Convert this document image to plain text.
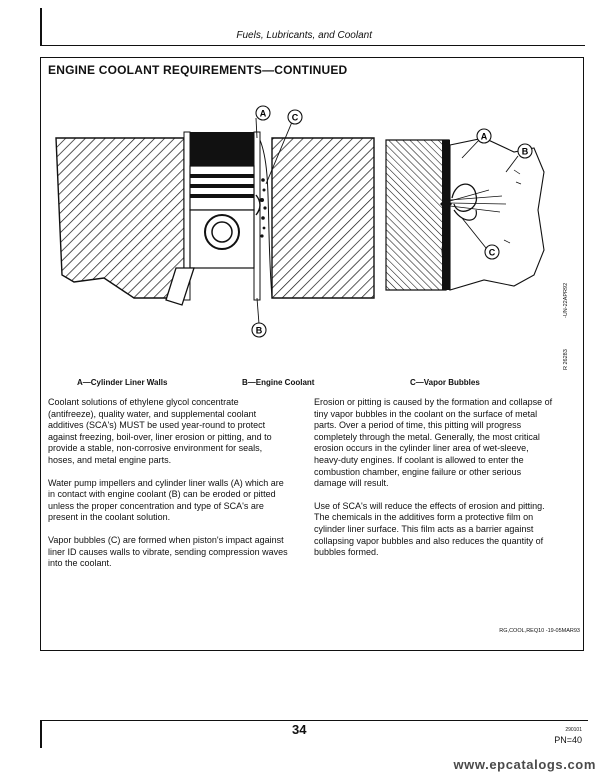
Fuels, Lubricants, and Coolant
ENGINE COOLANT REQUIREMENTS—CONTINUED
A	C
B
A
B
C
-UN-22APR92
R 26283
A—Cylinder Liner Walls	B—Engine Coolant	C—Vapor Bubbles

Coolant solutions of ethylene glycol concentrate (antifreeze), quality water, and supplemental coolant additives (SCA's) MUST be used year-round to protect against freezing, boil-over, liner erosion or pitting, and to provide a stable, non-corrosive environment for seals, hoses, and metal engine parts.

Water pump impellers and cylinder liner walls (A) which are in contact with engine coolant (B) can be eroded or pitted unless the proper concentration and type of SCA's are present in the coolant solution.

Vapor bubbles (C) are formed when piston's impact against liner ID causes walls to vibrate, sending compression waves into the coolant.

Erosion or pitting is caused by the formation and collapse of tiny vapor bubbles in the coolant on the surface of metal parts. Over a period of time, this pitting will progress completely through the metal. Generally, the most critical erosion occurs in the cylinder liner area of wet-sleeve, heavy-duty engines. If coolant is allowed to enter the combustion chamber, engine failure or other serious damage will result.

Use of SCA's will reduce the effects of erosion and pitting. The chemicals in the additives form a protective film on cylinder liner surface. This film acts as a barrier against collapsing vapor bubbles and also reduces the quantity of bubbles formed.

RG,COOL,REQ10 -19-05MAR93
34	290101
PN=40
www.epcatalogs.com
